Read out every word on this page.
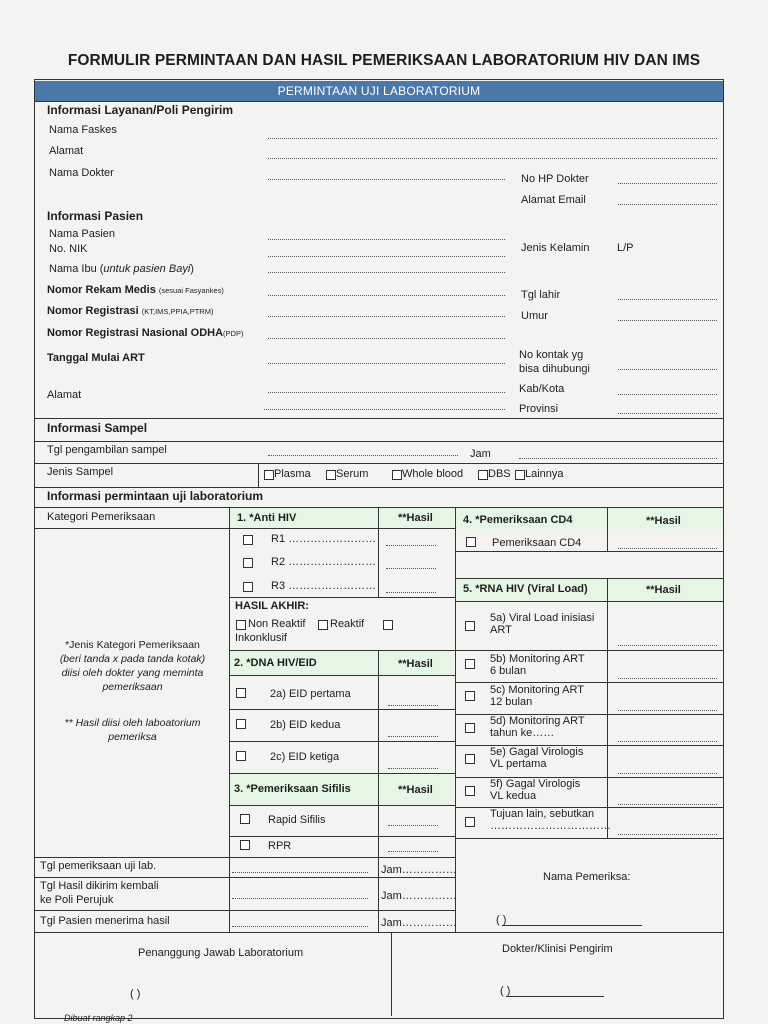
FORMULIR PERMINTAAN DAN HASIL PEMERIKSAAN LABORATORIUM HIV DAN IMS
PERMINTAAN UJI LABORATORIUM
Informasi Layanan/Poli Pengirim
Nama Faskes
Alamat
Nama Dokter	No HP Dokter
Alamat Email
Informasi Pasien
Nama Pasien
No. NIK	Jenis Kelamin	L/P
Nama Ibu (untuk pasien Bayi)
Nomor Rekam Medis (sesuai Fasyankes)	Tgl lahir
Nomor Registrasi (KT,IMS,PPIA,PTRM)	Umur
Nomor Registrasi Nasional ODHA(PDP)
Tanggal Mulai ART	No kontak yg
bisa dihubungi
Alamat	Kab/Kota
Provinsi
Informasi Sampel
Tgl pengambilan sampel	Jam
Jenis Sampel	Plasma Serum	Whole blood DBS Lainnya
Informasi permintaan uji laboratorium
Kategori Pemeriksaan
*Jenis Kategori Pemeriksaan
(beri tanda x pada tanda kotak)
diisi oleh dokter yang meminta
pemeriksaan
** Hasil diisi oleh laboatorium
pemeriksa
1. *Anti HIV	**Hasil
R1 ……………………
R2 ……………………
R3 ……………………
HASIL AKHIR:
Non Reaktif Reaktif
Inkonklusif
2. *DNA HIV/EID	**Hasil
2a) EID pertama
2b) EID kedua
2c) EID ketiga
3. *Pemeriksaan Sifilis	**Hasil
Rapid Sifilis
RPR
4. *Pemeriksaan CD4	**Hasil
Pemeriksaan CD4
5. *RNA HIV (Viral Load)	**Hasil
5a) Viral Load inisiasi
ART
5b) Monitoring ART
6 bulan
5c) Monitoring ART
12 bulan
5d) Monitoring ART
tahun ke……
5e) Gagal Virologis
VL pertama
5f) Gagal Virologis
VL kedua
Tujuan lain, sebutkan
……………………………
Tgl pemeriksaan uji lab.	Jam……………
Tgl Hasil dikirim kembali
ke Poli Perujuk	Jam……………
Tgl Pasien menerima hasil	Jam……………
Nama Pemeriksa:
( )
Penanggung Jawab Laboratorium
( )
Dokter/Klinisi Pengirim
( )
Dibuat rangkap 2
